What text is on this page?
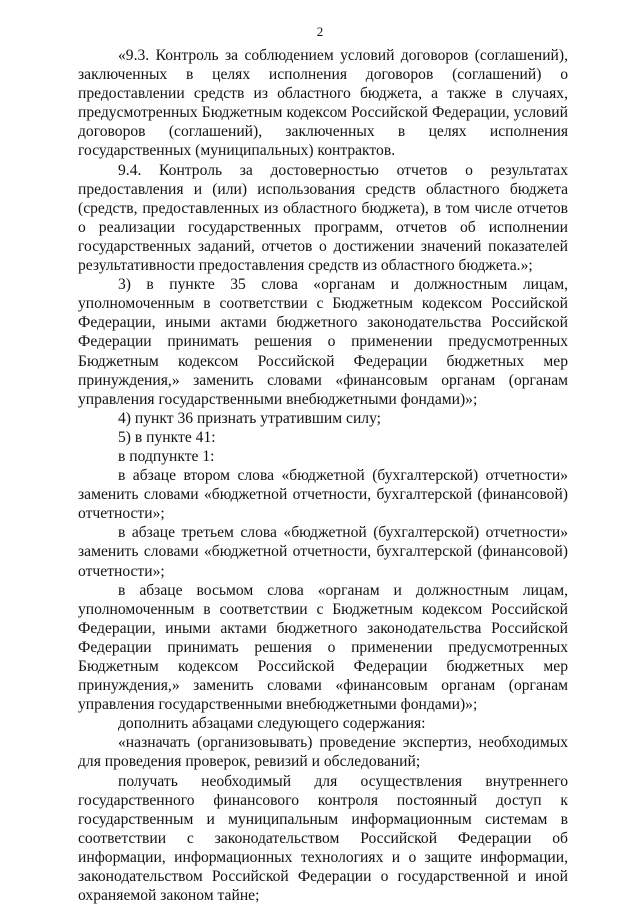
2

«9.3. Контроль за соблюдением условий договоров (соглашений), заключенных в целях исполнения договоров (соглашений) о предоставлении средств из областного бюджета, а также в случаях, предусмотренных Бюджетным кодексом Российской Федерации, условий договоров (соглашений), заключенных в целях исполнения государственных (муниципальных) контрактов.

9.4. Контроль за достоверностью отчетов о результатах предоставления и (или) использования средств областного бюджета (средств, предоставленных из областного бюджета), в том числе отчетов о реализации государственных программ, отчетов об исполнении государственных заданий, отчетов о достижении значений показателей результативности предоставления средств из областного бюджета.»;

3) в пункте 35 слова «органам и должностным лицам, уполномоченным в соответствии с Бюджетным кодексом Российской Федерации, иными актами бюджетного законодательства Российской Федерации принимать решения о применении предусмотренных Бюджетным кодексом Российской Федерации бюджетных мер принуждения,» заменить словами «финансовым органам (органам управления государственными внебюджетными фондами)»;

4) пункт 36 признать утратившим силу;

5) в пункте 41:

в подпункте 1:

в абзаце втором слова «бюджетной (бухгалтерской) отчетности» заменить словами «бюджетной отчетности, бухгалтерской (финансовой) отчетности»;

в абзаце третьем слова «бюджетной (бухгалтерской) отчетности» заменить словами «бюджетной отчетности, бухгалтерской (финансовой) отчетности»;

в абзаце восьмом слова «органам и должностным лицам, уполномоченным в соответствии с Бюджетным кодексом Российской Федерации, иными актами бюджетного законодательства Российской Федерации принимать решения о применении предусмотренных Бюджетным кодексом Российской Федерации бюджетных мер принуждения,» заменить словами «финансовым органам (органам управления государственными внебюджетными фондами)»;

дополнить абзацами следующего содержания:

«назначать (организовывать) проведение экспертиз, необходимых для проведения проверок, ревизий и обследований;

получать необходимый для осуществления внутреннего государственного финансового контроля постоянный доступ к государственным и муниципальным информационным системам в соответствии с законодательством Российской Федерации об информации, информационных технологиях и о защите информации, законодательством Российской Федерации о государственной и иной охраняемой законом тайне;
